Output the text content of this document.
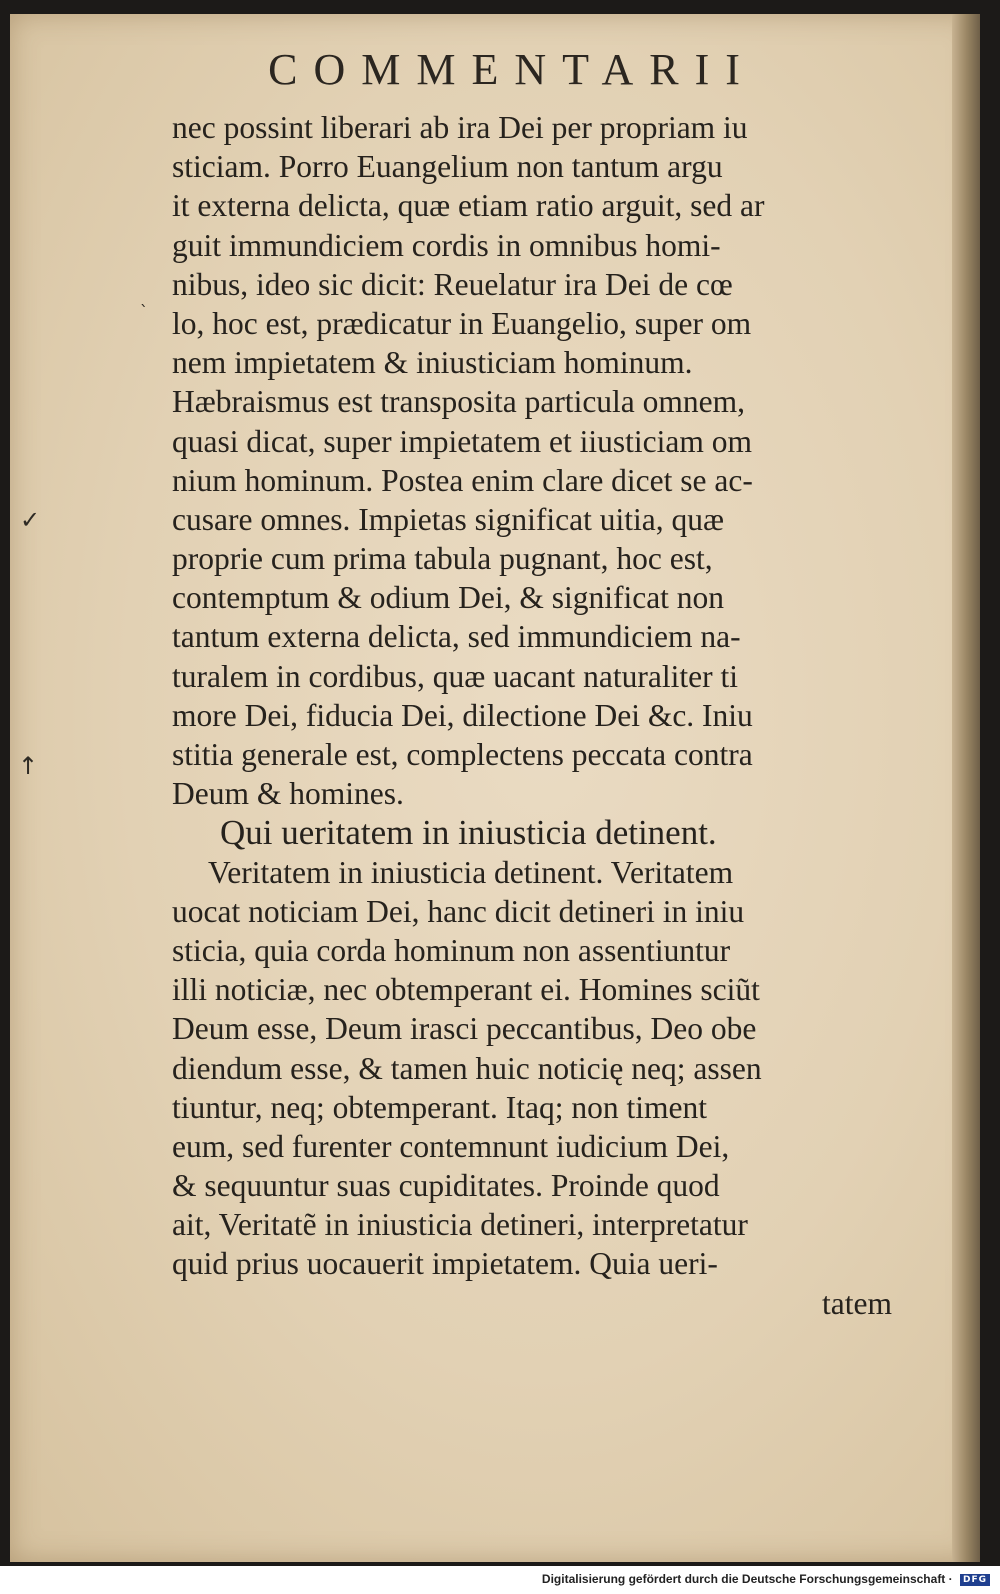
COMMENTARII
nec possint liberari ab ira Dei per propriam iu
sticiam. Porro Euangelium non tantum argu
it externa delicta, quæ etiam ratio arguit, sed ar
guit immundiciem cordis in omnibus homi-
nibus, ideo sic dicit: Reuelatur ira Dei de cœ
lo, hoc est, prædicatur in Euangelio, super om
nem impietatem & iniusticiam hominum.
Hæbraismus est transposita particula omnem,
quasi dicat, super impietatem et iiusticiam om
nium hominum. Postea enim clare dicet se ac-
cusare omnes. Impietas significat uitia, quæ
proprie cum prima tabula pugnant, hoc est,
contemptum & odium Dei, & significat non
tantum externa delicta, sed immundiciem na-
turalem in cordibus, quæ uacant naturaliter ti
more Dei, fiducia Dei, dilectione Dei &c. Iniu
stitia generale est, complectens peccata contra
Deum & homines.
Qui ueritatem in iniusticia detinent.
Veritatem in iniusticia detinent. Veritatem
uocat noticiam Dei, hanc dicit detineri in iniu
sticia, quia corda hominum non assentiuntur
illi noticiæ, nec obtemperant ei. Homines sciũt
Deum esse, Deum irasci peccantibus, Deo obe
diendum esse, & tamen huic noticię neq; assen
tiuntur, neq; obtemperant. Itaq; non timent
eum, sed furenter contemnunt iudicium Dei,
& sequuntur suas cupiditates. Proinde quod
ait, Veritatẽ in iniusticia detineri, interpretatur
quid prius uocauerit impietatem. Quia ueri-
tatem
✓
↑
`
Digitalisierung gefördert durch die Deutsche Forschungsgemeinschaft · DFG
